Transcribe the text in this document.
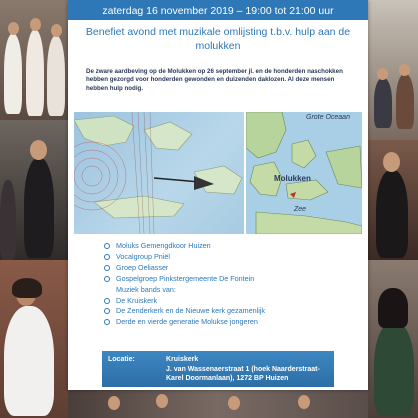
zaterdag 16 november 2019 – 19:00 tot 21:00 uur
Benefiet avond met muzikale omlijsting t.b.v. hulp aan de
molukken
De zware aardbeving op de Molukken op 26 september jl. en de honderden naschokken hebben gezorgd voor honderden gewonden en duizenden daklozen. Al deze mensen hebben hulp nodig.
Grote Oceaan
Molukken
Zee
Moluks Gemengdkoor Huizen
Vocalgroup Pniël
Groep Oeliasser
Gospelgroep Pinkstergemeente De Fontein
Muziek bands van:
De Kruiskerk
De Zenderkerk en de Nieuwe kerk gezamenlijk
Derde en vierde generatie Molukse jongeren
Locatie:	Kruiskerk
J. van Wassenaerstraat 1 (hoek Naarderstraat-
Karel Doormanlaan), 1272 BP Huizen
